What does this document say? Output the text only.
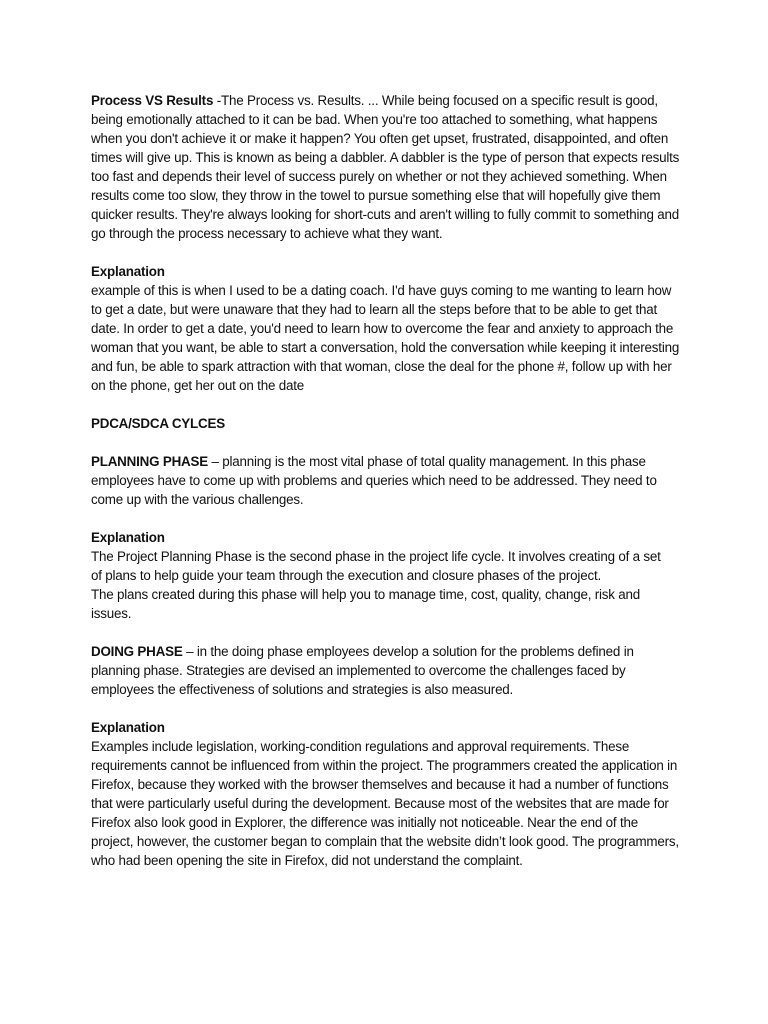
Process VS Results -The Process vs. Results. ... While being focused on a specific result is good, being emotionally attached to it can be bad. When you're too attached to something, what happens when you don't achieve it or make it happen? You often get upset, frustrated, disappointed, and often times will give up. This is known as being a dabbler. A dabbler is the type of person that expects results too fast and depends their level of success purely on whether or not they achieved something. When results come too slow, they throw in the towel to pursue something else that will hopefully give them quicker results. They're always looking for short-cuts and aren't willing to fully commit to something and go through the process necessary to achieve what they want.

Explanation
example of this is when I used to be a dating coach. I'd have guys coming to me wanting to learn how to get a date, but were unaware that they had to learn all the steps before that to be able to get that date. In order to get a date, you'd need to learn how to overcome the fear and anxiety to approach the woman that you want, be able to start a conversation, hold the conversation while keeping it interesting and fun, be able to spark attraction with that woman, close the deal for the phone #, follow up with her on the phone, get her out on the date

PDCA/SDCA CYLCES

PLANNING PHASE – planning is the most vital phase of total quality management. In this phase employees have to come up with problems and queries which need to be addressed. They need to come up with the various challenges.

Explanation
The Project Planning Phase is the second phase in the project life cycle. It involves creating of a set
of plans to help guide your team through the execution and closure phases of the project.
The plans created during this phase will help you to manage time, cost, quality, change, risk and issues.

DOING PHASE – in the doing phase employees develop a solution for the problems defined in planning phase. Strategies are devised an implemented to overcome the challenges faced by employees the effectiveness of solutions and strategies is also measured.

Explanation
Examples include legislation, working-condition regulations and approval requirements. These requirements cannot be influenced from within the project. The programmers created the application in Firefox, because they worked with the browser themselves and because it had a number of functions that were particularly useful during the development. Because most of the websites that are made for Firefox also look good in Explorer, the difference was initially not noticeable. Near the end of the project, however, the customer began to complain that the website didn’t look good. The programmers, who had been opening the site in Firefox, did not understand the complaint.
